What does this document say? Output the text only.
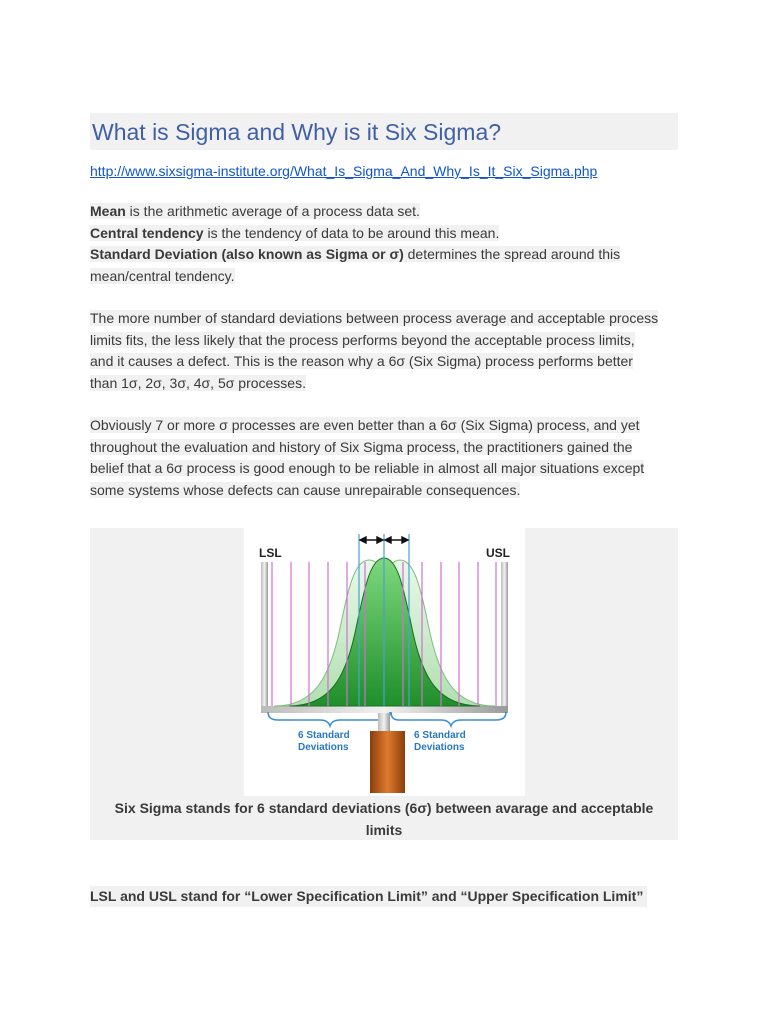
What is Sigma and Why is it Six Sigma?
http://www.sixsigma-institute.org/What_Is_Sigma_And_Why_Is_It_Six_Sigma.php

Mean is the arithmetic average of a process data set.

Central tendency is the tendency of data to be around this mean.

Standard Deviation (also known as Sigma or σ) determines the spread around this

mean/central tendency.

The more number of standard deviations between process average and acceptable process

limits fits, the less likely that the process performs beyond the acceptable process limits,

and it causes a defect. This is the reason why a 6σ (Six Sigma) process performs better

than 1σ, 2σ, 3σ, 4σ, 5σ processes.

Obviously 7 or more σ processes are even better than a 6σ (Six Sigma) process, and yet

throughout the evaluation and history of Six Sigma process, the practitioners gained the

belief that a 6σ process is good enough to be reliable in almost all major situations except

some systems whose defects can cause unrepairable consequences.

LSL	USL
6 Standard
Deviations
6 Standard
Deviations
Six Sigma stands for 6 standard deviations (6σ) between avarage and acceptable
limits
LSL and USL stand for “Lower Specification Limit” and “Upper Specification Limit”
